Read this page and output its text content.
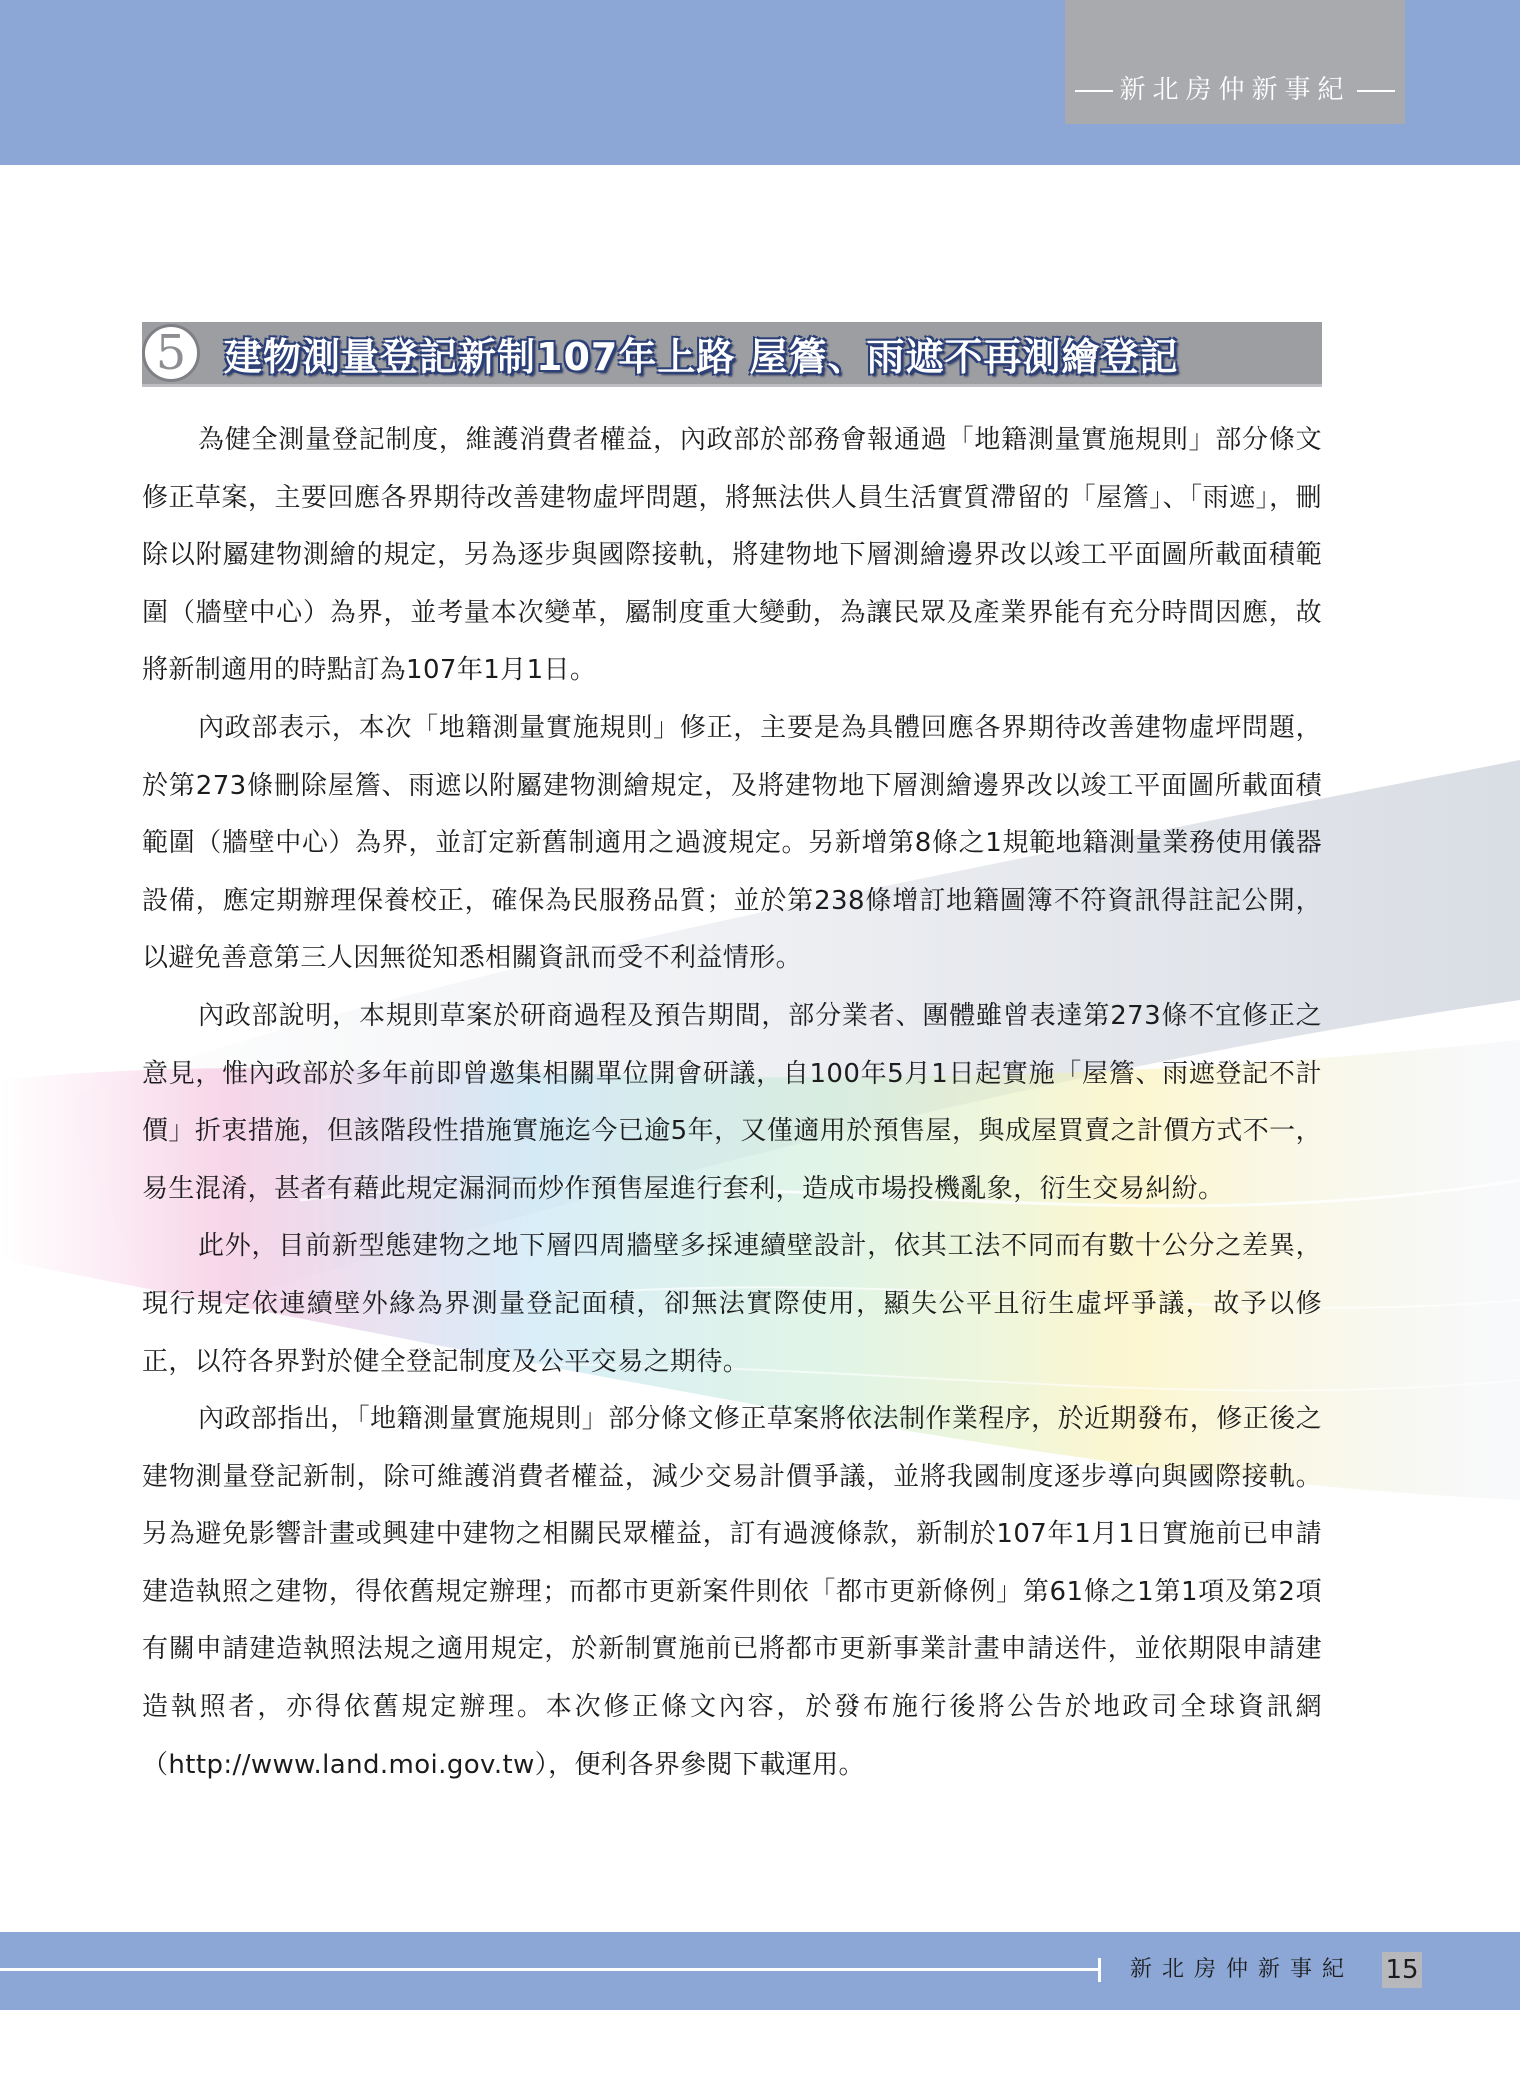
新北房仲新事紀
5 建物測量登記新制107年上路 屋簷、雨遮不再測繪登記

為健全測量登記制度，維護消費者權益，內政部於部務會報通過「地籍測量實施規則」部分條文修正草案，主要回應各界期待改善建物虛坪問題，將無法供人員生活實質滯留的「屋簷」、「雨遮」，刪除以附屬建物測繪的規定，另為逐步與國際接軌，將建物地下層測繪邊界改以竣工平面圖所載面積範圍（牆壁中心）為界，並考量本次變革，屬制度重大變動，為讓民眾及產業界能有充分時間因應，故將新制適用的時點訂為107年1月1日。

內政部表示，本次「地籍測量實施規則」修正，主要是為具體回應各界期待改善建物虛坪問題，於第273條刪除屋簷、雨遮以附屬建物測繪規定，及將建物地下層測繪邊界改以竣工平面圖所載面積範圍（牆壁中心）為界，並訂定新舊制適用之過渡規定。另新增第8條之1規範地籍測量業務使用儀器設備，應定期辦理保養校正，確保為民服務品質；並於第238條增訂地籍圖簿不符資訊得註記公開，以避免善意第三人因無從知悉相關資訊而受不利益情形。

內政部說明，本規則草案於研商過程及預告期間，部分業者、團體雖曾表達第273條不宜修正之意見，惟內政部於多年前即曾邀集相關單位開會研議，自100年5月1日起實施「屋簷、雨遮登記不計價」折衷措施，但該階段性措施實施迄今已逾5年，又僅適用於預售屋，與成屋買賣之計價方式不一，易生混淆，甚者有藉此規定漏洞而炒作預售屋進行套利，造成市場投機亂象，衍生交易糾紛。

此外，目前新型態建物之地下層四周牆壁多採連續壁設計，依其工法不同而有數十公分之差異，現行規定依連續壁外緣為界測量登記面積，卻無法實際使用，顯失公平且衍生虛坪爭議，故予以修正，以符各界對於健全登記制度及公平交易之期待。

內政部指出，「地籍測量實施規則」部分條文修正草案將依法制作業程序，於近期發布，修正後之建物測量登記新制，除可維護消費者權益，減少交易計價爭議，並將我國制度逐步導向與國際接軌。另為避免影響計畫或興建中建物之相關民眾權益，訂有過渡條款，新制於107年1月1日實施前已申請建造執照之建物，得依舊規定辦理；而都市更新案件則依「都市更新條例」第61條之1第1項及第2項有關申請建造執照法規之適用規定，於新制實施前已將都市更新事業計畫申請送件，並依期限申請建造執照者，亦得依舊規定辦理。本次修正條文內容，於發布施行後將公告於地政司全球資訊網（http://www.land.moi.gov.tw），便利各界參閱下載運用。

新北房仲新事紀 15
